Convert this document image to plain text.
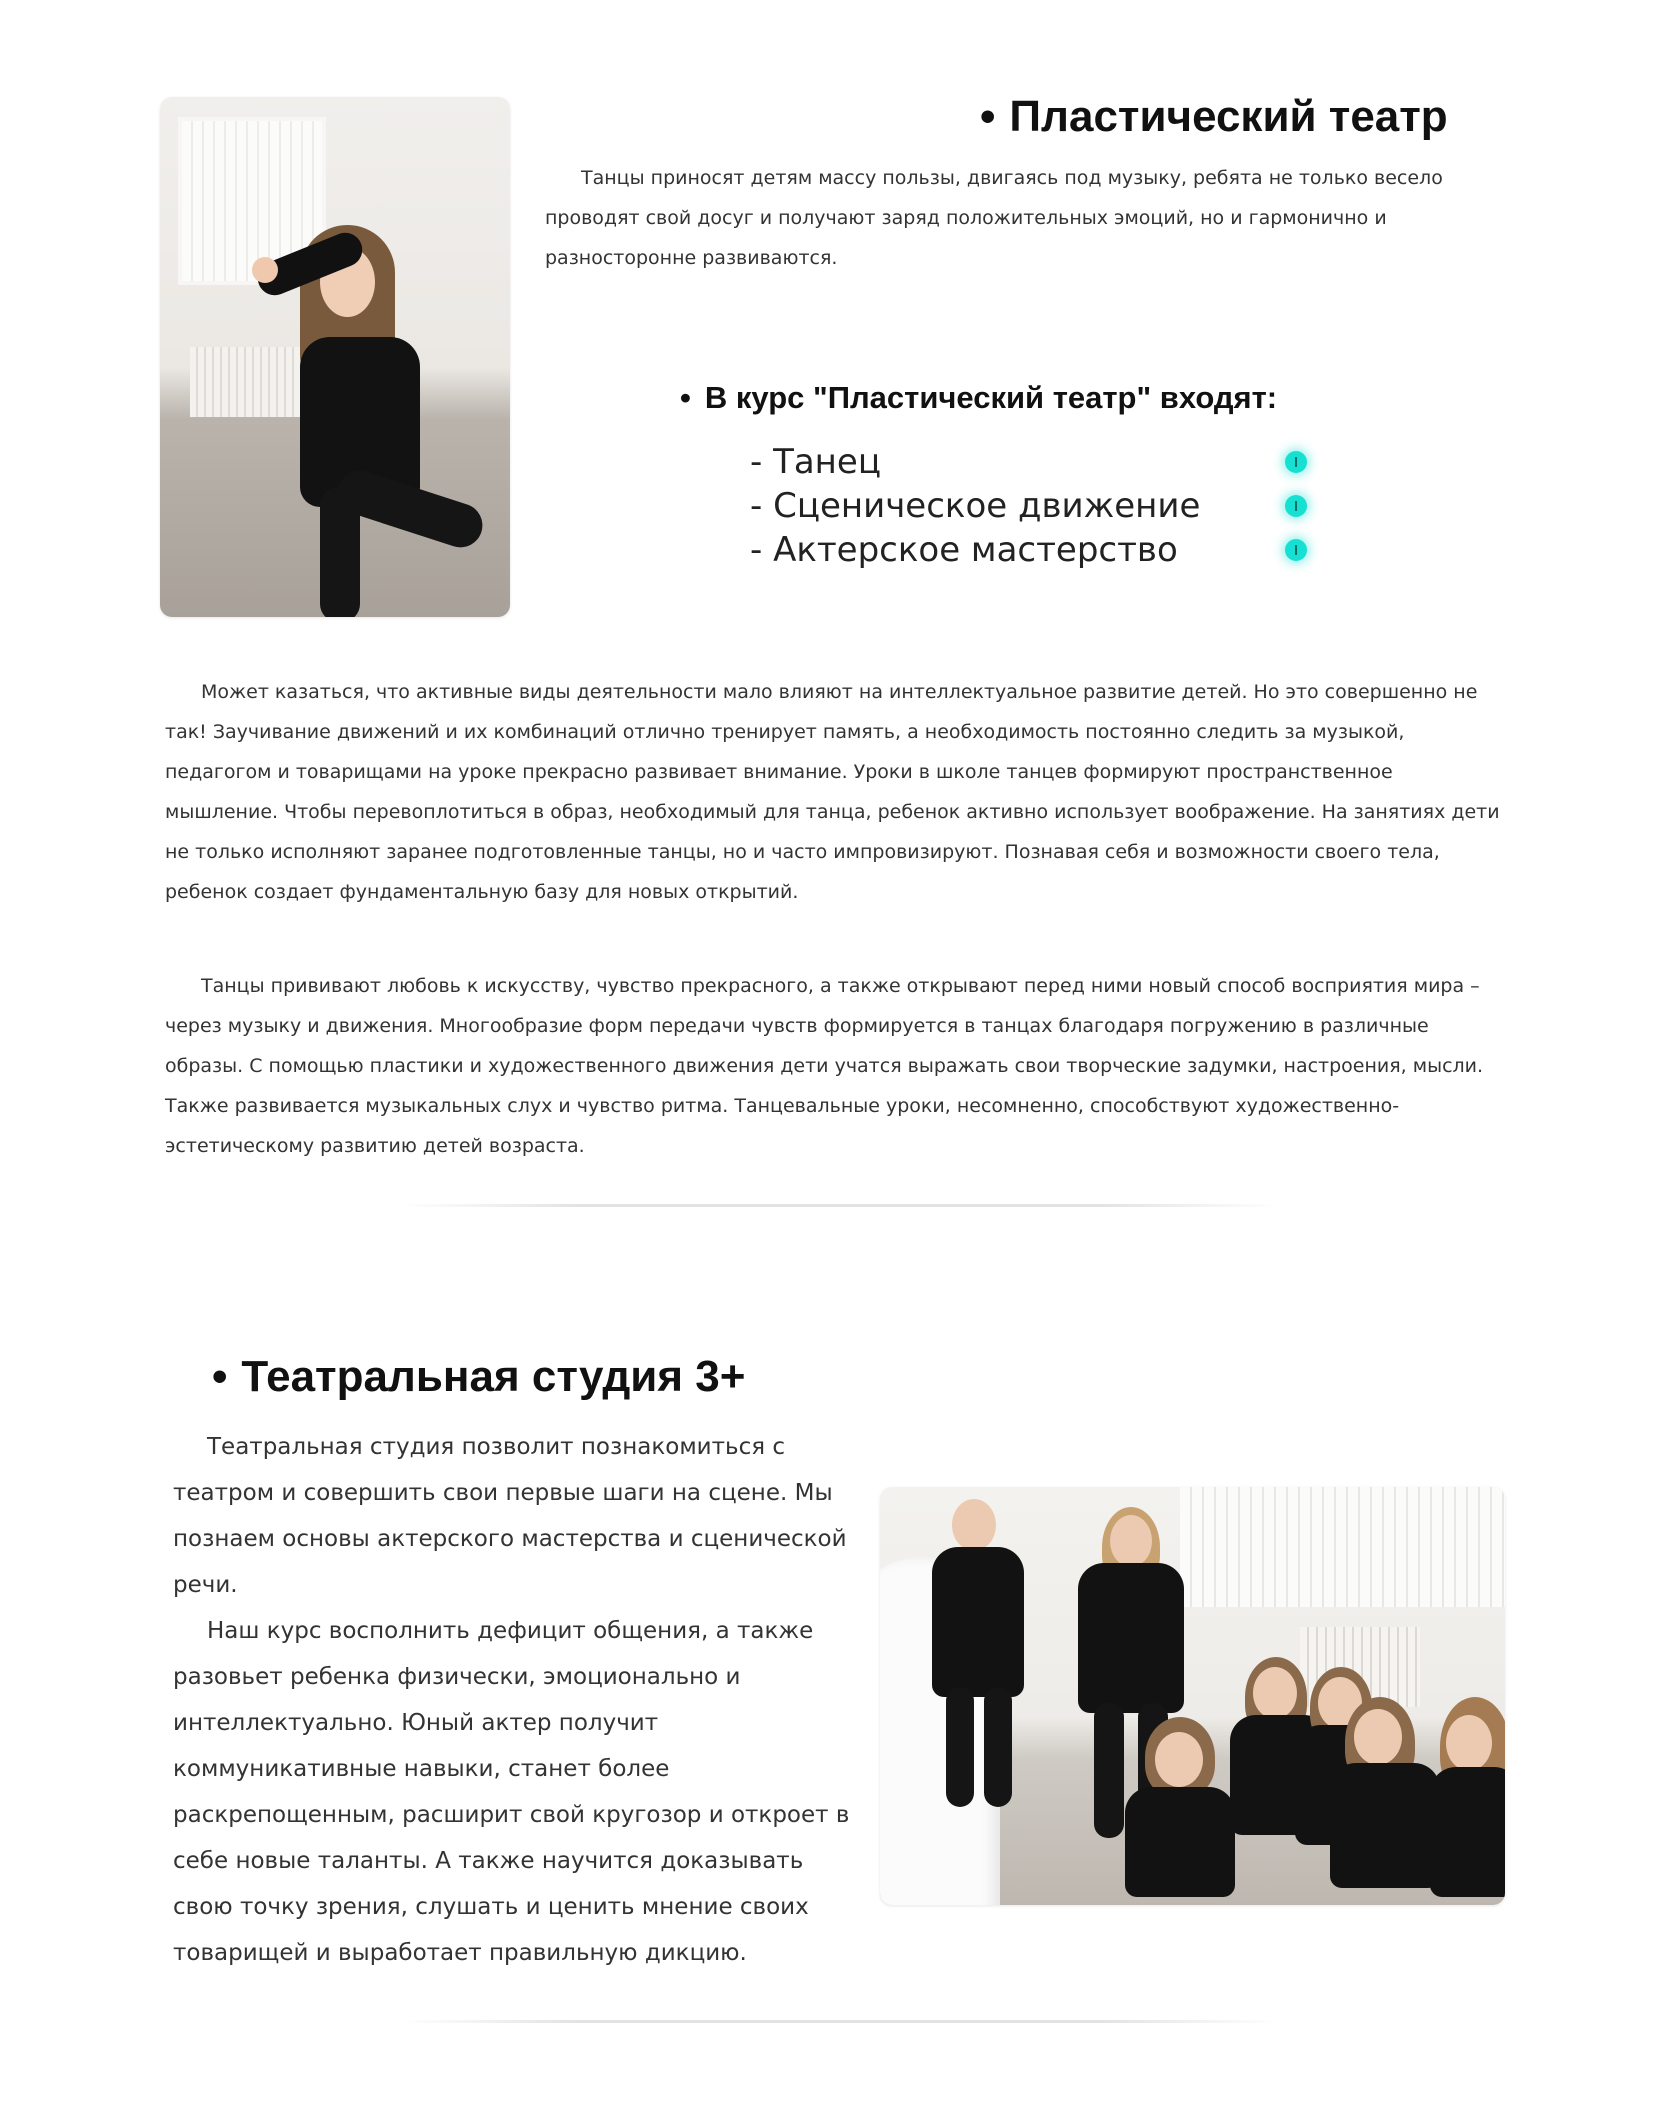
• Пластический театр

Танцы приносят детям массу пользы, двигаясь под музыку, ребята не только весело проводят свой досуг и получают заряд положительных эмоций, но и гармонично и разносторонне развиваются.

• В курс "Пластический театр" входят:
- Танец
- Сценическое движение
- Актерское мастерство

Может казаться, что активные виды деятельности мало влияют на интеллектуальное развитие детей. Но это совершенно не так! Заучивание движений и их комбинаций отлично тренирует память, а необходимость постоянно следить за музыкой, педагогом и товарищами на уроке прекрасно развивает внимание. Уроки в школе танцев формируют пространственное мышление. Чтобы перевоплотиться в образ, необходимый для танца, ребенок активно использует воображение. На занятиях дети не только исполняют заранее подготовленные танцы, но и часто импровизируют. Познавая себя и возможности своего тела, ребенок создает фундаментальную базу для новых открытий.

Танцы прививают любовь к искусству, чувство прекрасного, а также открывают перед ними новый способ восприятия мира – через музыку и движения. Многообразие форм передачи чувств формируется в танцах благодаря погружению в различные образы. С помощью пластики и художественного движения дети учатся выражать свои творческие задумки, настроения, мысли. Также развивается музыкальных слух и чувство ритма. Танцевальные уроки, несомненно, способствуют художественно-эстетическому развитию детей возраста.

• Театральная студия 3+

Театральная студия позволит познакомиться с театром и совершить свои первые шаги на сцене. Мы познаем основы актерского мастерства и сценической речи.

Наш курс восполнить дефицит общения, а также разовьет ребенка физически, эмоционально и интеллектуально. Юный актер получит коммуникативные навыки, станет более раскрепощенным, расширит свой кругозор и откроет в себе новые таланты. А также научится доказывать свою точку зрения, слушать и ценить мнение своих товарищей и выработает правильную дикцию.
